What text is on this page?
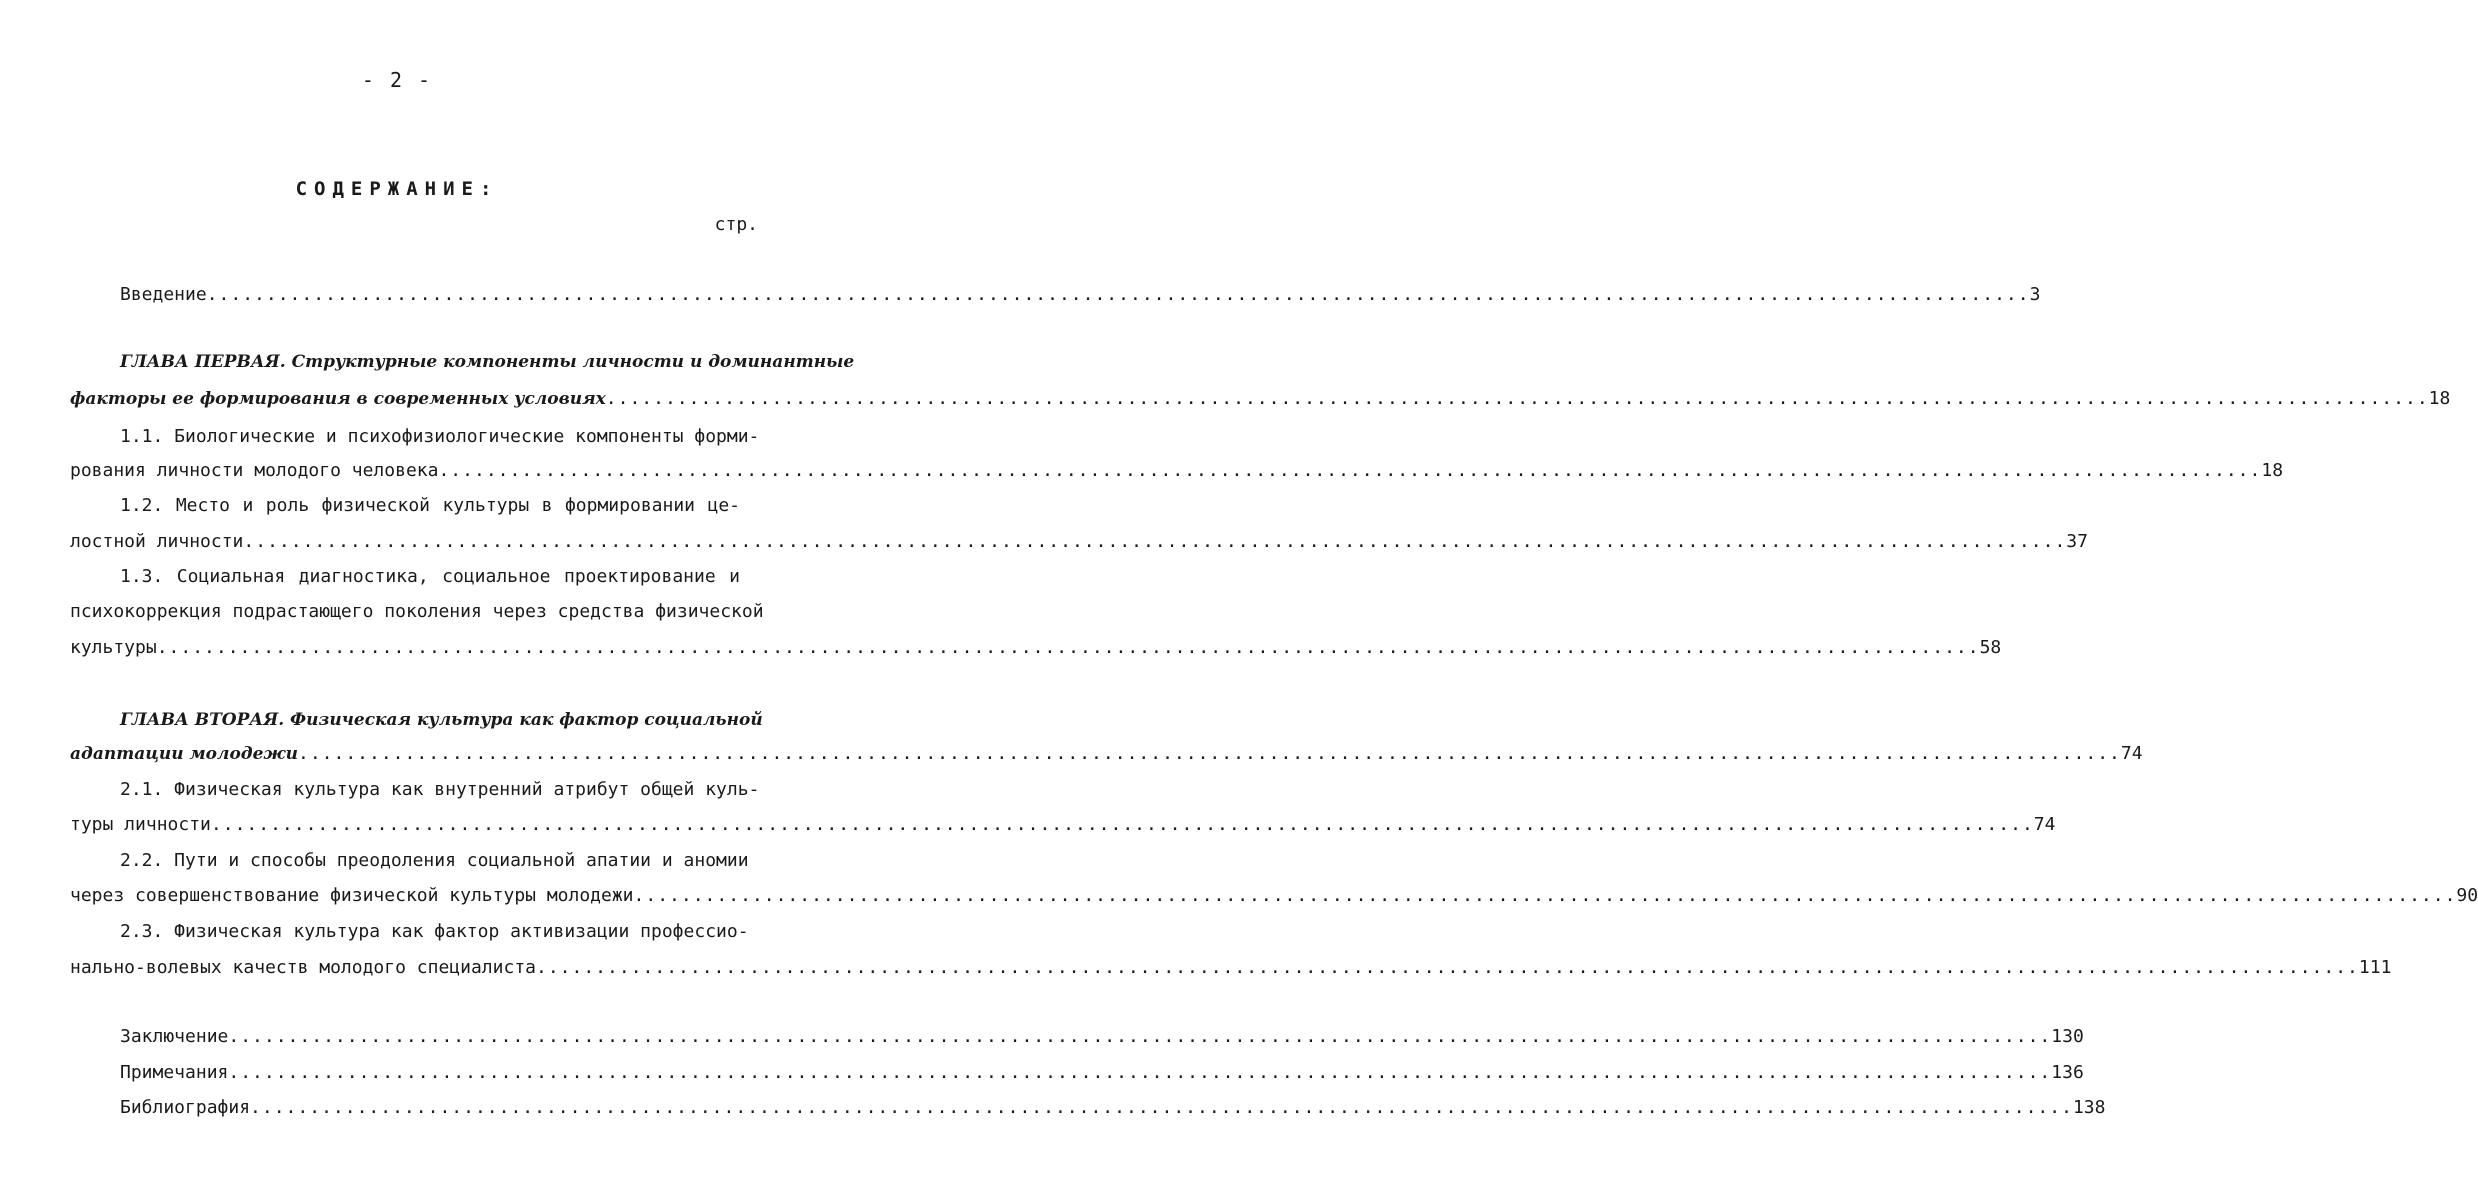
- 2 -
СОДЕРЖАНИЕ:
стр.
Введение .....	3
ГЛАВА ПЕРВАЯ. Структурные компоненты личности и доминантные
факторы ее формирования в современных условиях .....	18
1.1. Биологические и психофизиологические компоненты форми-
рования личности молодого человека .....	18
1.2. Место и роль физической культуры в формировании це-
лостной личности .....	37
1.3. Социальная диагностика, социальное проектирование и
психокоррекция подрастающего поколения через средства физической
культуры .....	58
ГЛАВА ВТОРАЯ. Физическая культура как фактор социальной
адаптации молодежи .....	74
2.1. Физическая культура как внутренний атрибут общей куль-
туры личности .....	74
2.2. Пути и способы преодоления социальной апатии и аномии
через совершенствование физической культуры молодежи .....	90
2.3. Физическая культура как фактор активизации профессио-
нально-волевых качеств молодого специалиста .....	111
Заключение .....	130
Примечания .....	136
Библиография .....	138
